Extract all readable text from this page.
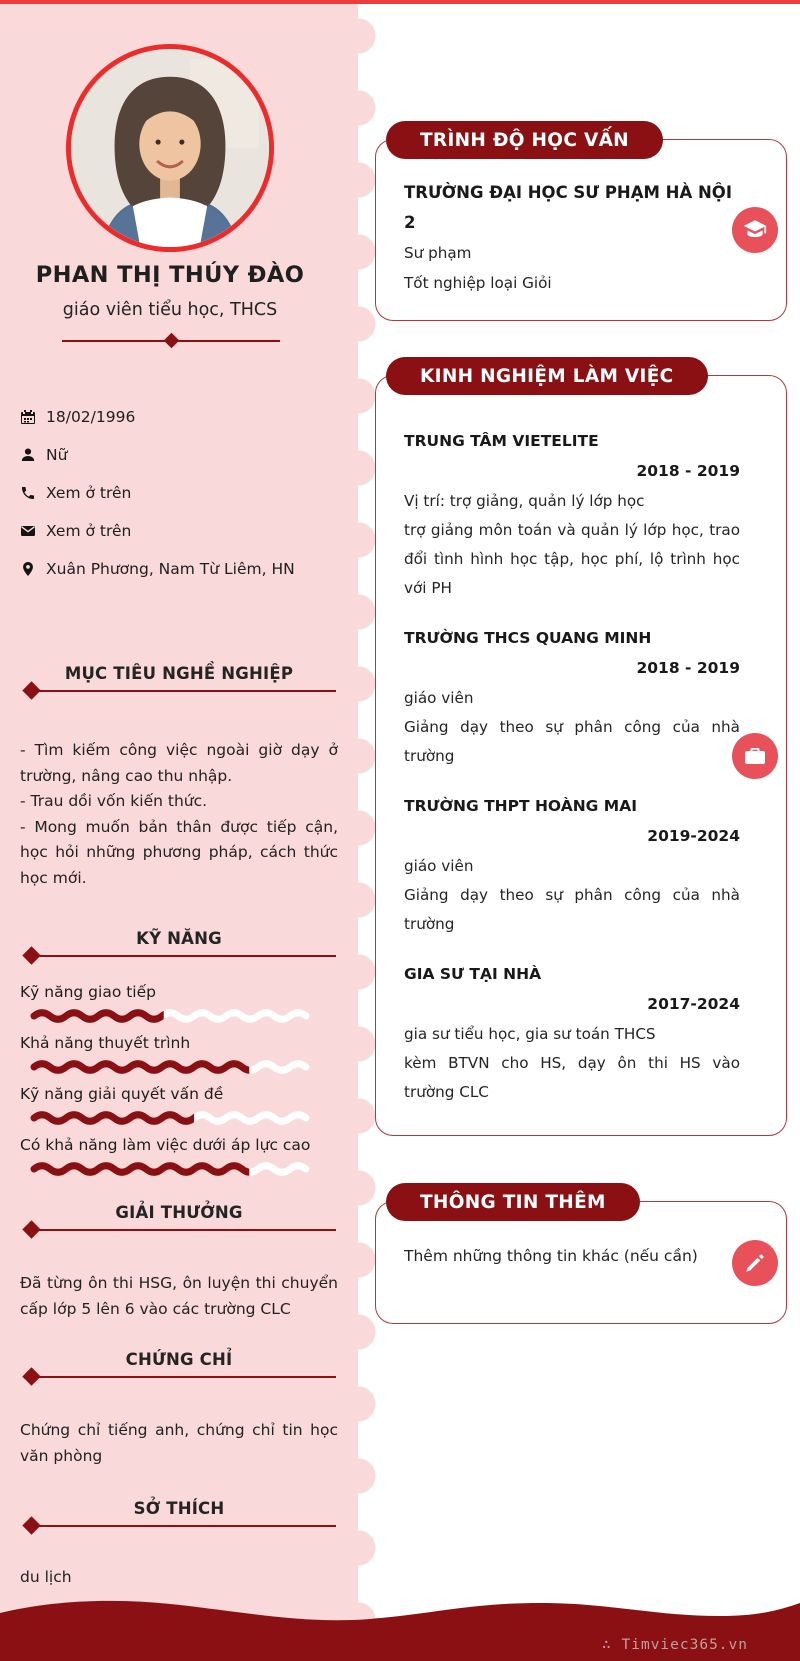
PHAN THỊ THÚY ĐÀO
giáo viên tiểu học, THCS
18/02/1996
Nữ
Xem ở trên
Xem ở trên
Xuân Phương, Nam Từ Liêm, HN
MỤC TIÊU NGHỀ NGHIỆP
- Tìm kiếm công việc ngoài giờ dạy ở trường, nâng cao thu nhập.
- Trau dồi vốn kiến thức.
- Mong muốn bản thân được tiếp cận, học hỏi những phương pháp, cách thức học mới.
KỸ NĂNG
Kỹ năng giao tiếp
Khả năng thuyết trình
Kỹ năng giải quyết vấn đề
Có khả năng làm việc dưới áp lực cao
GIẢI THƯỞNG
Đã từng ôn thi HSG, ôn luyện thi chuyển cấp lớp 5 lên 6 vào các trường CLC
CHỨNG CHỈ
Chứng chỉ tiếng anh, chứng chỉ tin học văn phòng
SỞ THÍCH
du lịch
TRÌNH ĐỘ HỌC VẤN
TRƯỜNG ĐẠI HỌC SƯ PHẠM HÀ NỘI 2
Sư phạm
Tốt nghiệp loại Giỏi
KINH NGHIỆM LÀM VIỆC
TRUNG TÂM VIETELITE
2018 - 2019
Vị trí: trợ giảng, quản lý lớp học
trợ giảng môn toán và quản lý lớp học, trao đổi tình hình học tập, học phí, lộ trình học với PH
TRƯỜNG THCS QUANG MINH
2018 - 2019
giáo viên
Giảng dạy theo sự phân công của nhà trường
TRƯỜNG THPT HOÀNG MAI
2019-2024
giáo viên
Giảng dạy theo sự phân công của nhà trường
GIA SƯ TẠI NHÀ
2017-2024
gia sư tiểu học, gia sư toán THCS
kèm BTVN cho HS, dạy ôn thi HS vào trường CLC
THÔNG TIN THÊM
Thêm những thông tin khác (nếu cần)
∴ Timviec365.vn
